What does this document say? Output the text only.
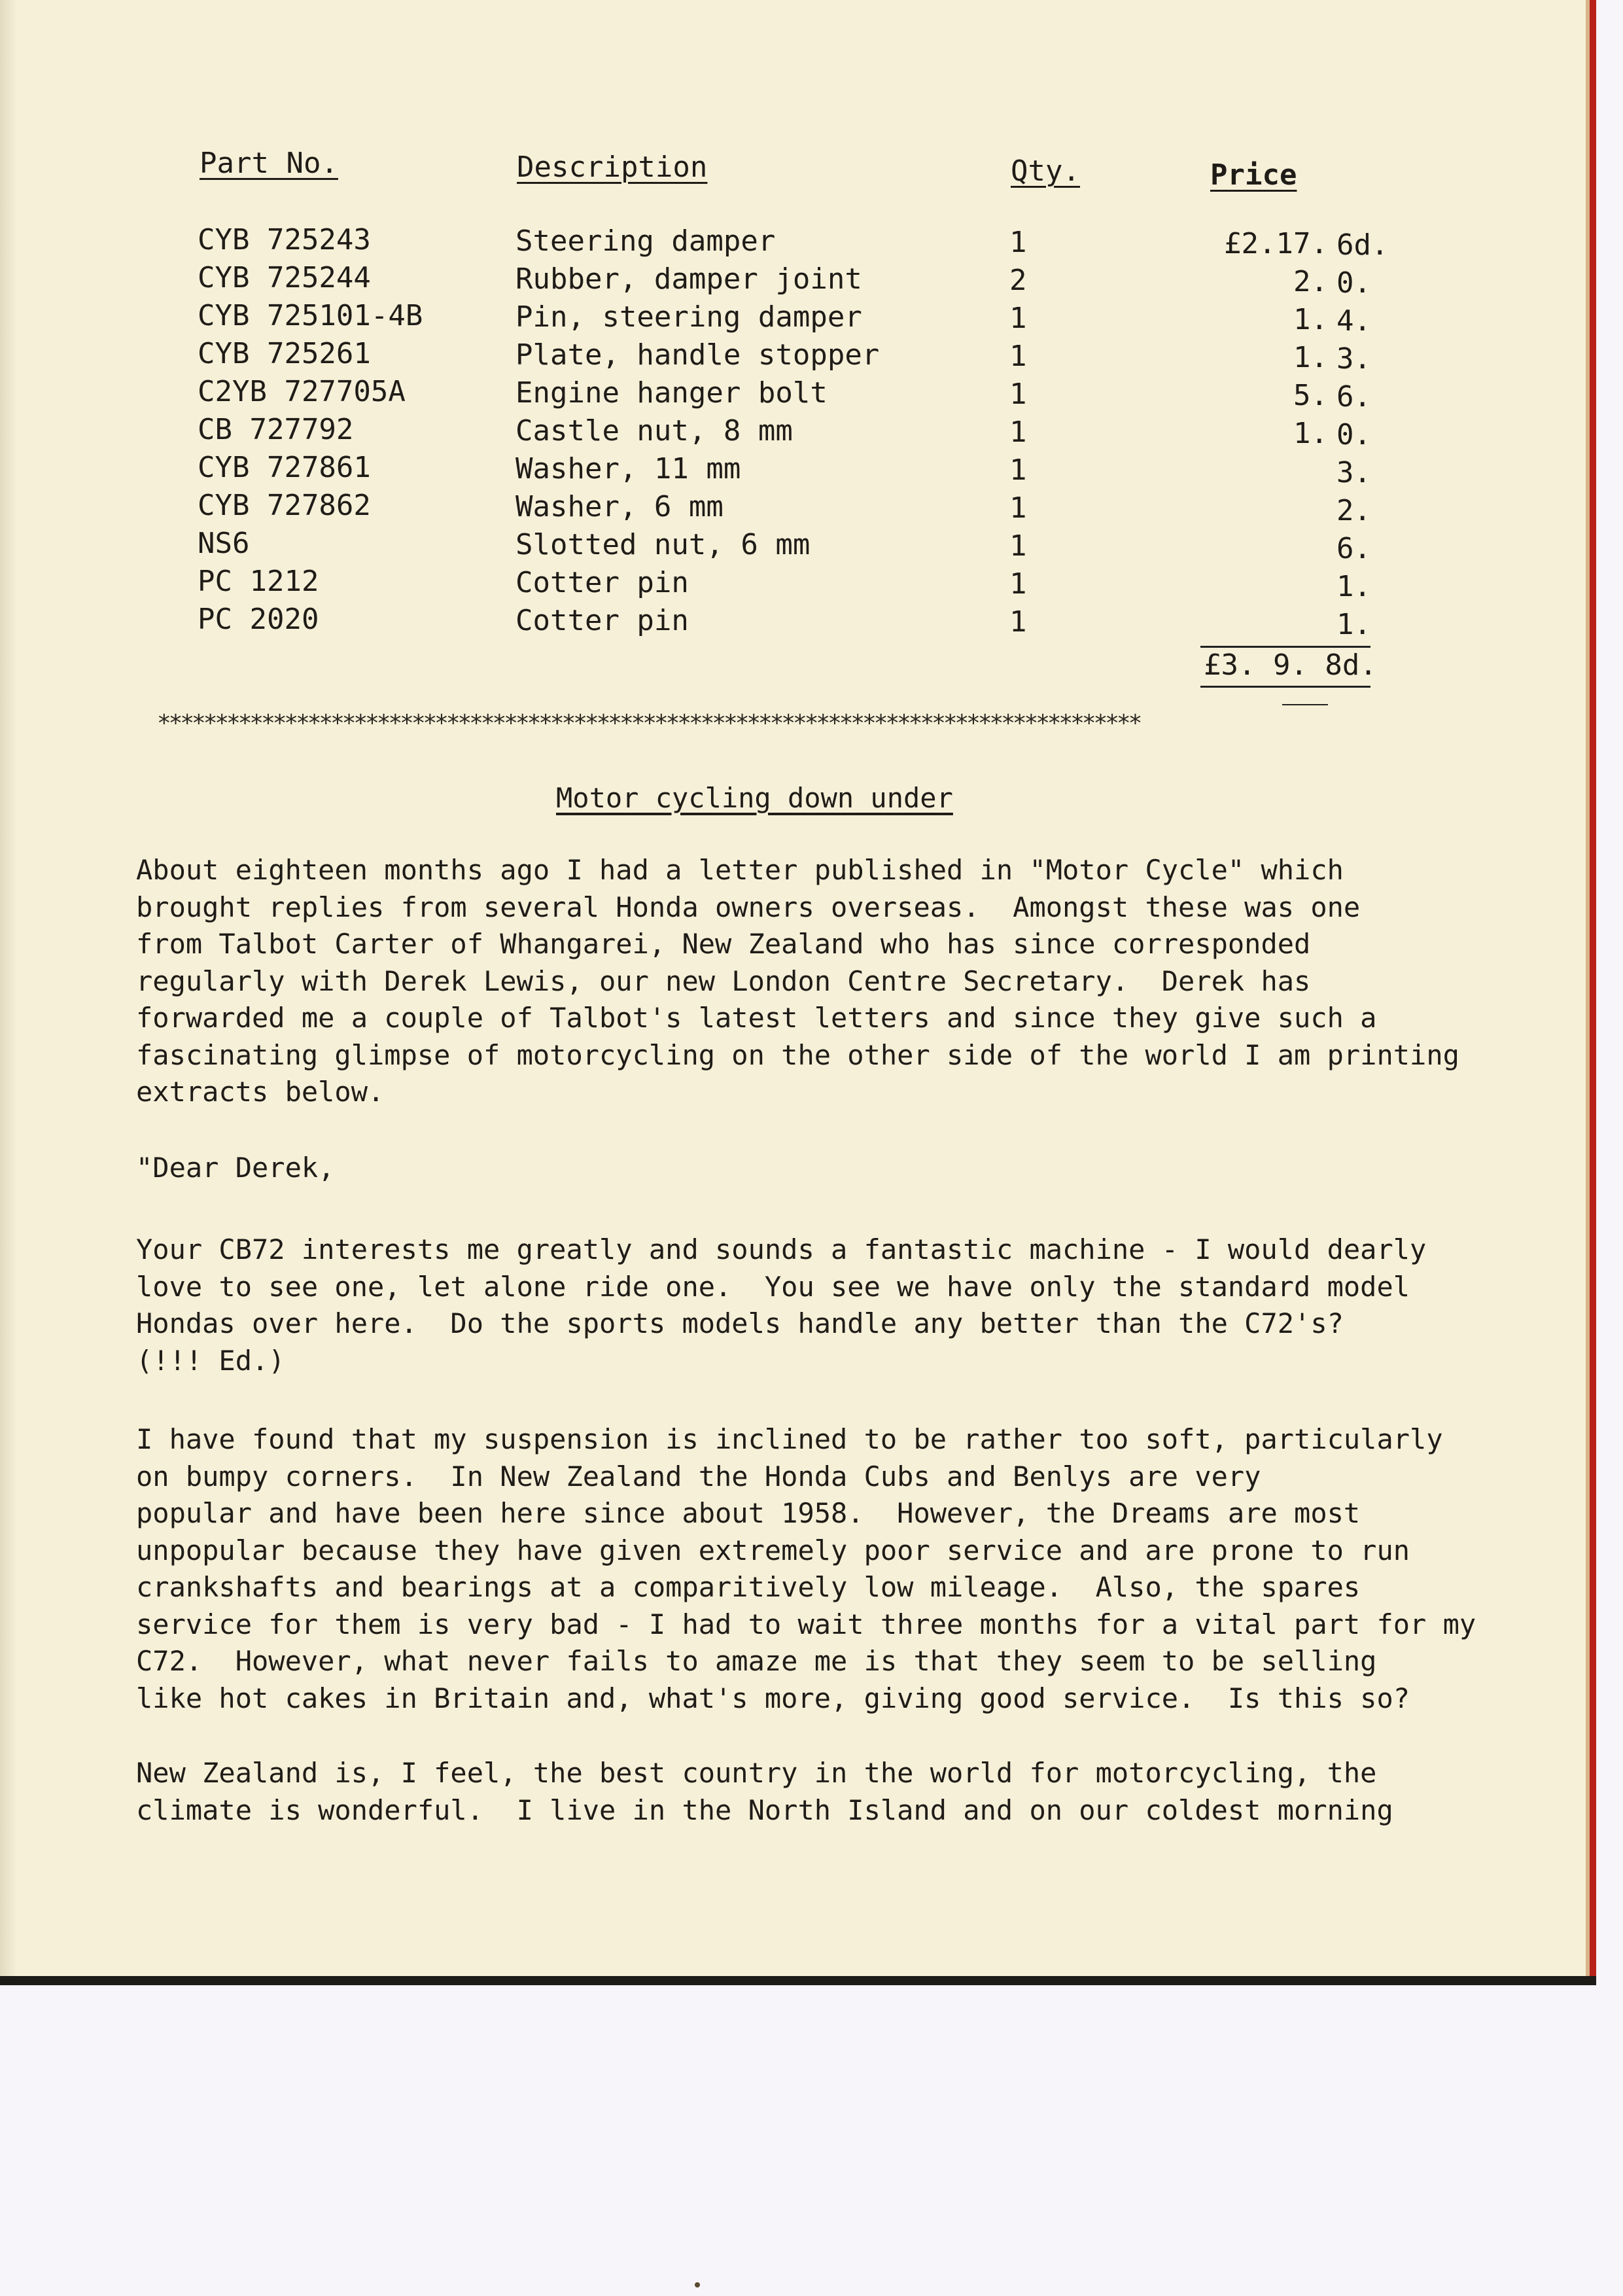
Part No.	Description	Qty.	Price
CYB 725243	Steering damper	1	£2.17. 6d.
CYB 725244	Rubber, damper joint	2	2. 0.
CYB 725101-4B	Pin, steering damper	1	1. 4.
CYB 725261	Plate, handle stopper	1	1. 3.
C2YB 727705A	Engine hanger bolt	1	5. 6.
CB 727792	Castle nut, 8 mm	1	1. 0.
CYB 727861	Washer, 11 mm	1	3.
CYB 727862	Washer, 6 mm	1	2.
NS6	Slotted nut, 6 mm	1	6.
PC 1212	Cotter pin	1	1.
PC 2020	Cotter pin	1	1.
£3. 9. 8d.
*************************************************************************************
Motor cycling down under
About eighteen months ago I had a letter published in "Motor Cycle" which
brought replies from several Honda owners overseas.  Amongst these was one
from Talbot Carter of Whangarei, New Zealand who has since corresponded
regularly with Derek Lewis, our new London Centre Secretary.  Derek has
forwarded me a couple of Talbot's latest letters and since they give such a
fascinating glimpse of motorcycling on the other side of the world I am printing
extracts below.
"Dear Derek,
Your CB72 interests me greatly and sounds a fantastic machine - I would dearly
love to see one, let alone ride one.  You see we have only the standard model
Hondas over here.  Do the sports models handle any better than the C72's?
(!!! Ed.)
I have found that my suspension is inclined to be rather too soft, particularly
on bumpy corners.  In New Zealand the Honda Cubs and Benlys are very
popular and have been here since about 1958.  However, the Dreams are most
unpopular because they have given extremely poor service and are prone to run
crankshafts and bearings at a comparitively low mileage.  Also, the spares
service for them is very bad - I had to wait three months for a vital part for my
C72.  However, what never fails to amaze me is that they seem to be selling
like hot cakes in Britain and, what's more, giving good service.  Is this so?
New Zealand is, I feel, the best country in the world for motorcycling, the
climate is wonderful.  I live in the North Island and on our coldest morning
